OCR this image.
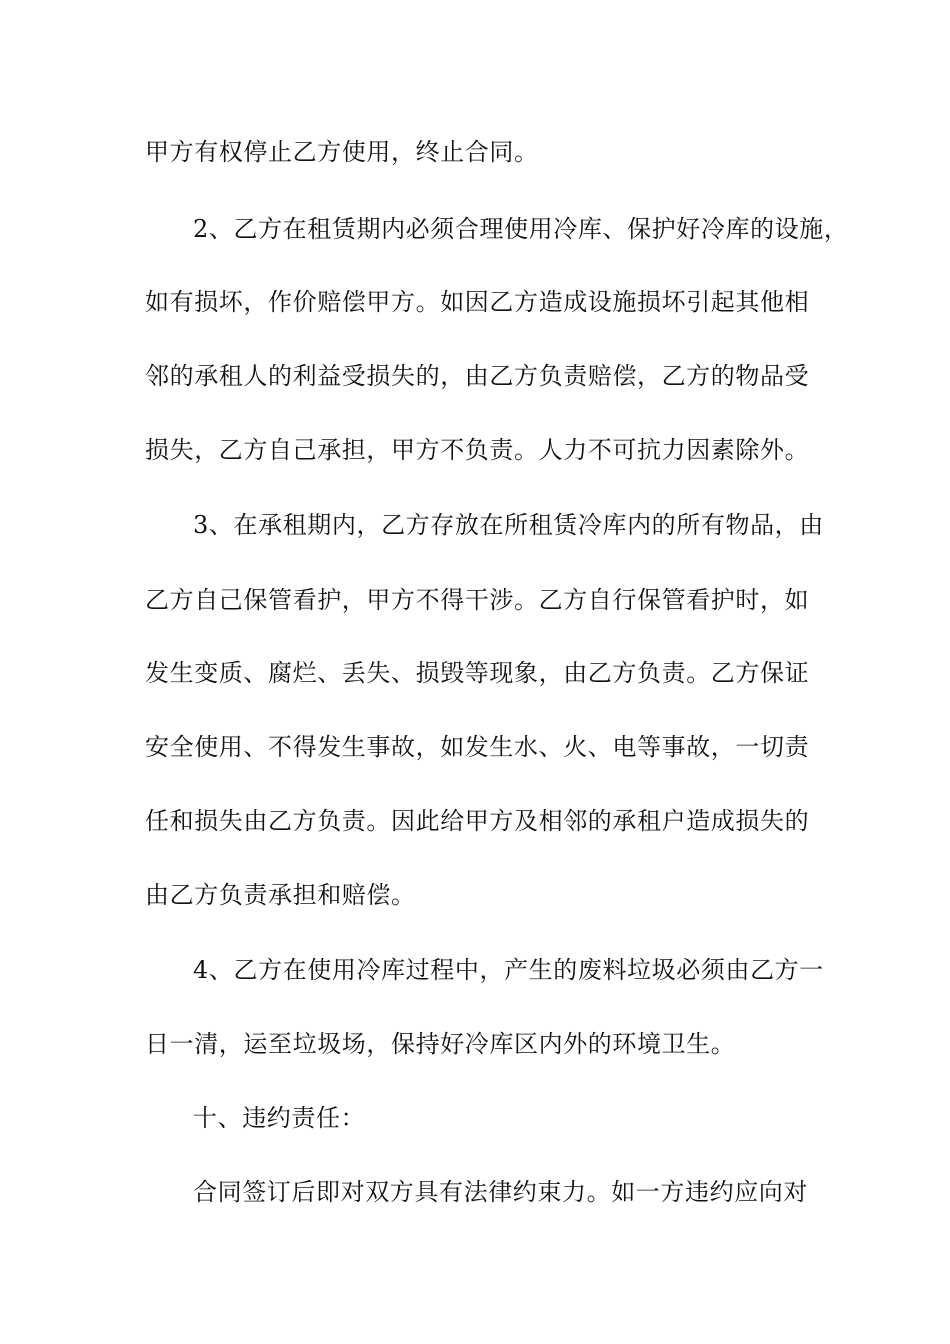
甲方有权停止乙方使用，终止合同。
2、乙方在租赁期内必须合理使用冷库、保护好冷库的设施，
如有损坏，作价赔偿甲方。如因乙方造成设施损坏引起其他相
邻的承租人的利益受损失的，由乙方负责赔偿，乙方的物品受
损失，乙方自己承担，甲方不负责。人力不可抗力因素除外。
3、在承租期内，乙方存放在所租赁冷库内的所有物品，由
乙方自己保管看护，甲方不得干涉。乙方自行保管看护时，如
发生变质、腐烂、丢失、损毁等现象，由乙方负责。乙方保证
安全使用、不得发生事故，如发生水、火、电等事故，一切责
任和损失由乙方负责。因此给甲方及相邻的承租户造成损失的
由乙方负责承担和赔偿。
4、乙方在使用冷库过程中，产生的废料垃圾必须由乙方一
日一清，运至垃圾场，保持好冷库区内外的环境卫生。
十、违约责任：
合同签订后即对双方具有法律约束力。如一方违约应向对
